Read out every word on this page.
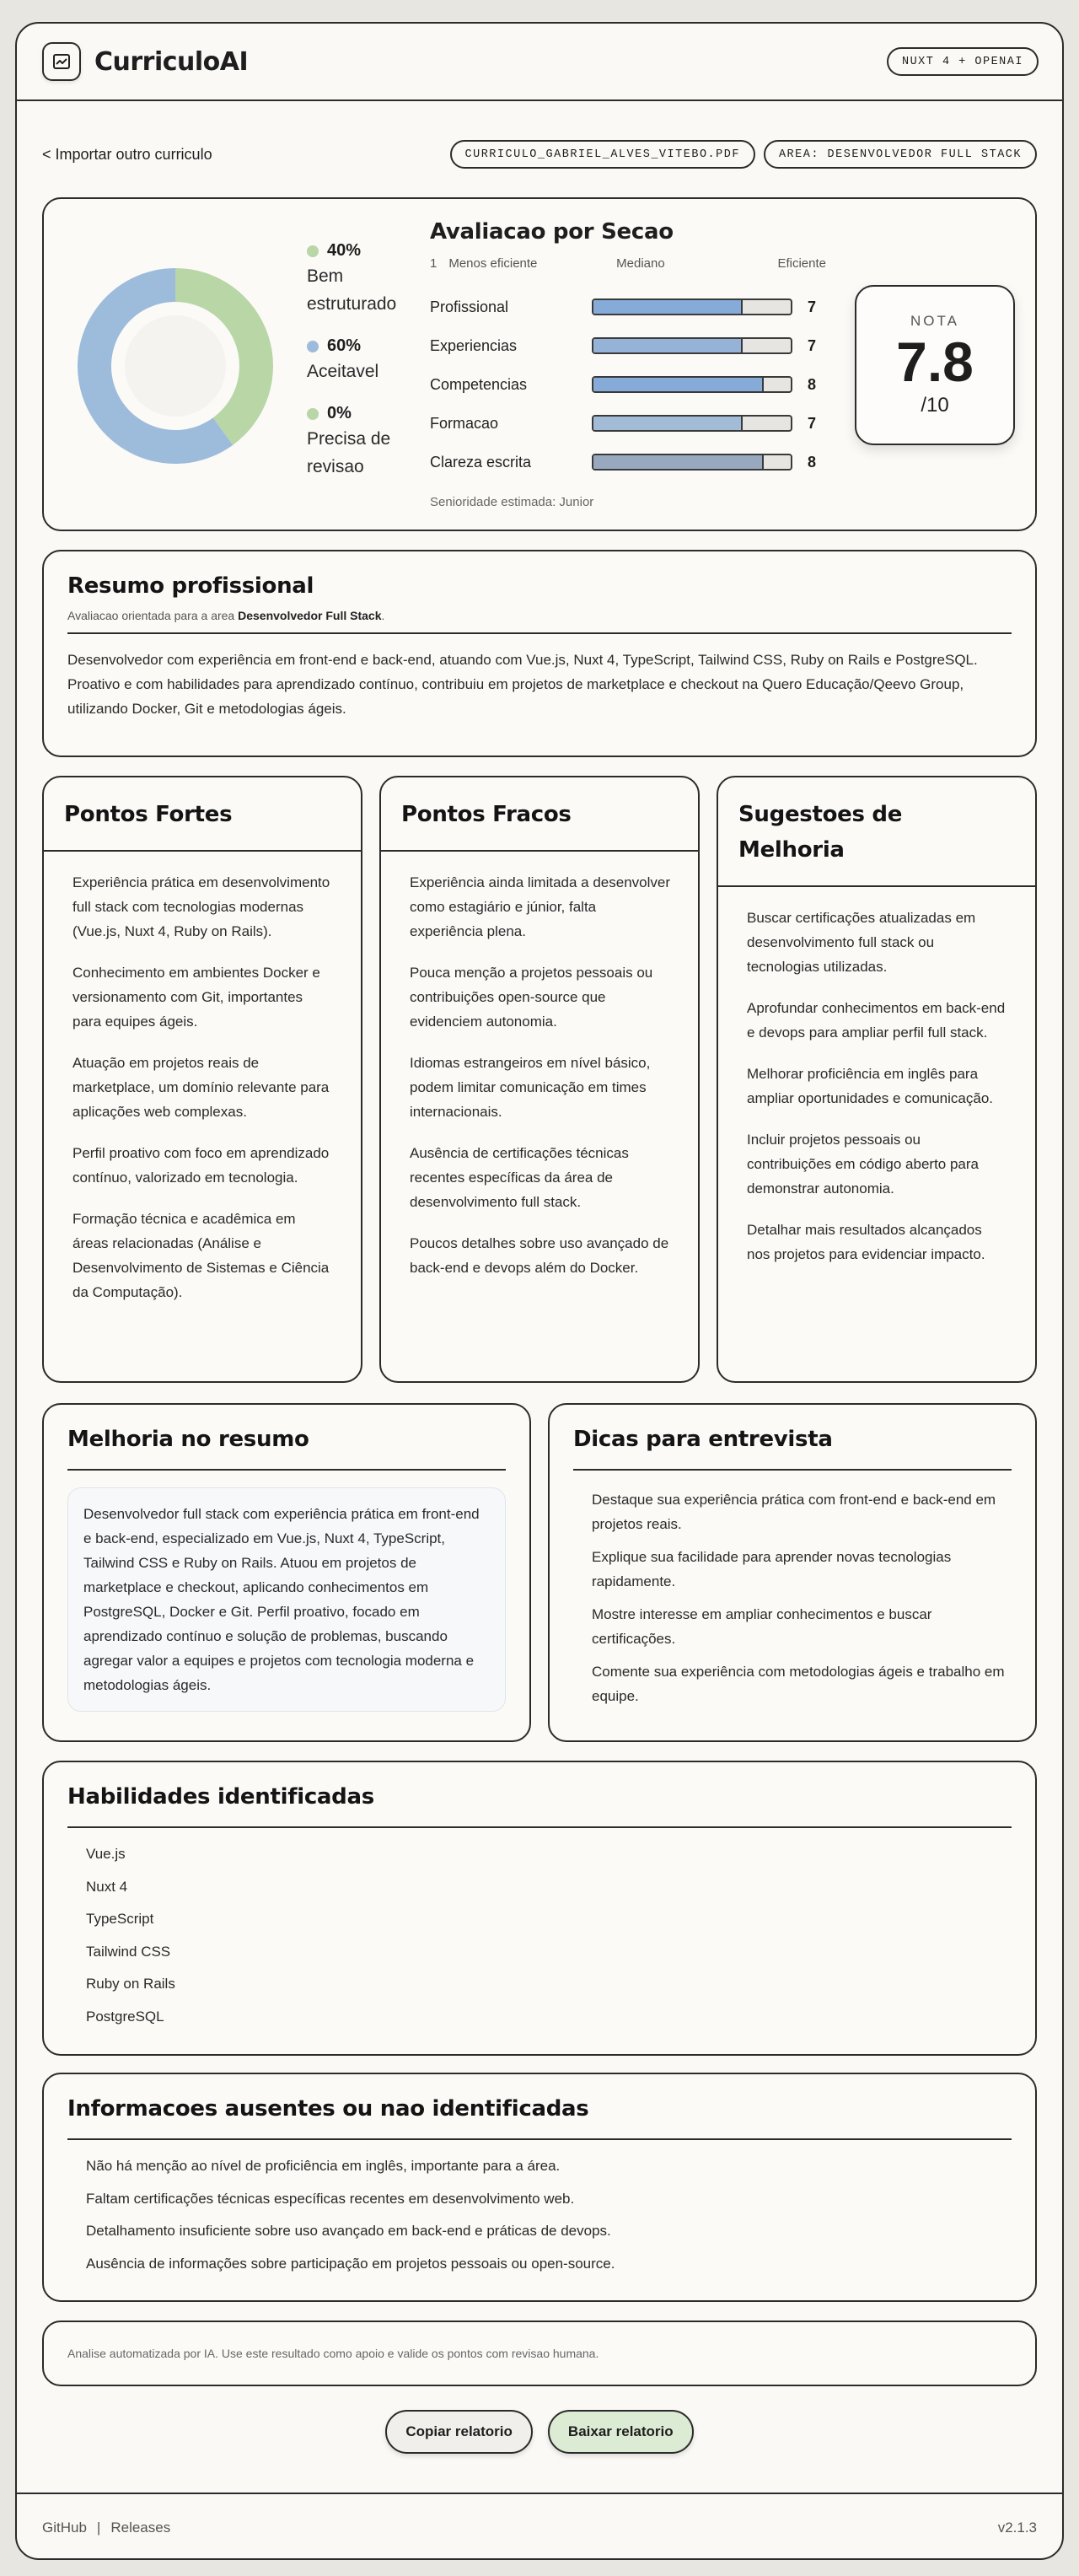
CurriculoAI	NUXT 4 + OPENAI
< Importar outro curriculo	CURRICULO_GABRIEL_ALVES_VITEBO.PDF	AREA: DESENVOLVEDOR FULL STACK
40%
Bem estruturado
60%
Aceitavel
0%
Precisa de revisao
Avaliacao por Secao
1 Menos eficiente	Mediano	Eficiente
Profissional	7
Experiencias	7
Competencias	8
Formacao	7
Clareza escrita	8
Senioridade estimada: Junior
NOTA
7.8
/10
Resumo profissional
Avaliacao orientada para a area Desenvolvedor Full Stack.
Desenvolvedor com experiência em front-end e back-end, atuando com Vue.js, Nuxt 4, TypeScript, Tailwind CSS, Ruby on Rails e PostgreSQL. Proativo e com habilidades para aprendizado contínuo, contribuiu em projetos de marketplace e checkout na Quero Educação/Qeevo Group, utilizando Docker, Git e metodologias ágeis.
Pontos Fortes

Experiência prática em desenvolvimento full stack com tecnologias modernas (Vue.js, Nuxt 4, Ruby on Rails).

Conhecimento em ambientes Docker e versionamento com Git, importantes para equipes ágeis.

Atuação em projetos reais de marketplace, um domínio relevante para aplicações web complexas.

Perfil proativo com foco em aprendizado contínuo, valorizado em tecnologia.

Formação técnica e acadêmica em áreas relacionadas (Análise e Desenvolvimento de Sistemas e Ciência da Computação).

Pontos Fracos

Experiência ainda limitada a desenvolver como estagiário e júnior, falta experiência plena.

Pouca menção a projetos pessoais ou contribuições open-source que evidenciem autonomia.

Idiomas estrangeiros em nível básico, podem limitar comunicação em times internacionais.

Ausência de certificações técnicas recentes específicas da área de desenvolvimento full stack.

Poucos detalhes sobre uso avançado de back-end e devops além do Docker.

Sugestoes de Melhoria

Buscar certificações atualizadas em desenvolvimento full stack ou tecnologias utilizadas.

Aprofundar conhecimentos em back-end e devops para ampliar perfil full stack.

Melhorar proficiência em inglês para ampliar oportunidades e comunicação.

Incluir projetos pessoais ou contribuições em código aberto para demonstrar autonomia.

Detalhar mais resultados alcançados nos projetos para evidenciar impacto.

Melhoria no resumo
Desenvolvedor full stack com experiência prática em front-end e back-end, especializado em Vue.js, Nuxt 4, TypeScript, Tailwind CSS e Ruby on Rails. Atuou em projetos de marketplace e checkout, aplicando conhecimentos em PostgreSQL, Docker e Git. Perfil proativo, focado em aprendizado contínuo e solução de problemas, buscando agregar valor a equipes e projetos com tecnologia moderna e metodologias ágeis.
Dicas para entrevista

Destaque sua experiência prática com front-end e back-end em projetos reais.

Explique sua facilidade para aprender novas tecnologias rapidamente.

Mostre interesse em ampliar conhecimentos e buscar certificações.

Comente sua experiência com metodologias ágeis e trabalho em equipe.

Habilidades identificadas
Vue.js
Nuxt 4
TypeScript
Tailwind CSS
Ruby on Rails
PostgreSQL
Informacoes ausentes ou nao identificadas
Não há menção ao nível de proficiência em inglês, importante para a área.
Faltam certificações técnicas específicas recentes em desenvolvimento web.
Detalhamento insuficiente sobre uso avançado em back-end e práticas de devops.
Ausência de informações sobre participação em projetos pessoais ou open-source.
Analise automatizada por IA. Use este resultado como apoio e valide os pontos com revisao humana.
Copiar relatorio	Baixar relatorio
GitHub | Releases	v2.1.3
